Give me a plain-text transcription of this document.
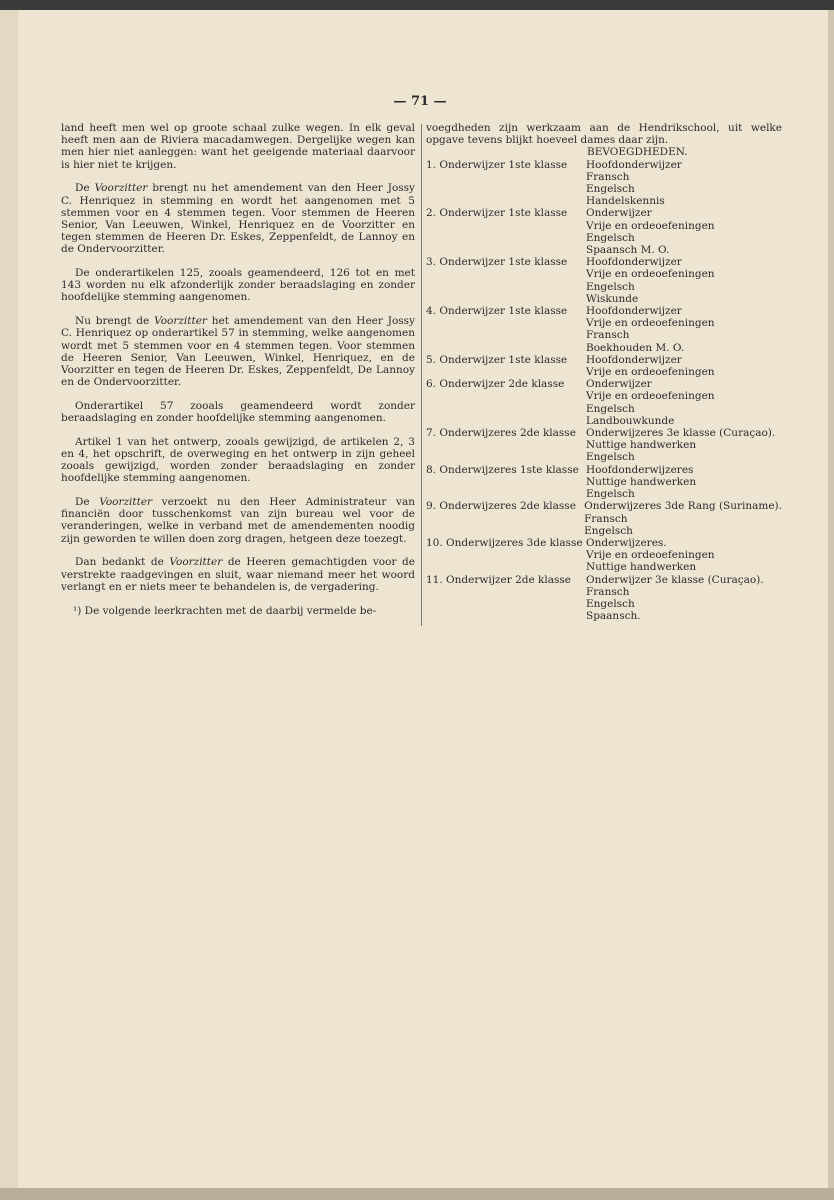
— 71 —

land heeft men wel op groote schaal zulke wegen. In elk geval heeft men aan de Riviera macadamwegen. Dergelijke wegen kan men hier niet aanleggen: want het geeigende materiaal daarvoor is hier niet te krijgen.

De Voorzitter brengt nu het amendement van den Heer Jossy C. Henriquez in stemming en wordt het aangenomen met 5 stemmen voor en 4 stemmen tegen. Voor stemmen de Heeren Senior, Van Leeuwen, Winkel, Henriquez en de Voorzitter en tegen stemmen de Heeren Dr. Eskes, Zeppenfeldt, de Lannoy en de Ondervoorzitter.

De onderartikelen 125, zooals geamendeerd, 126 tot en met 143 worden nu elk afzonderlijk zonder beraadslaging en zonder hoofdelijke stemming aangenomen.

Nu brengt de Voorzitter het amendement van den Heer Jossy C. Henriquez op onderartikel 57 in stemming, welke aangenomen wordt met 5 stemmen voor en 4 stemmen tegen. Voor stemmen de Heeren Senior, Van Leeuwen, Winkel, Henriquez, en de Voorzitter en tegen de Heeren Dr. Eskes, Zeppenfeldt, De Lannoy en de Ondervoorzitter.

Onderartikel 57 zooals geamendeerd wordt zonder beraadslaging en zonder hoofdelijke stemming aangenomen.

Artikel 1 van het ontwerp, zooals gewijzigd, de artikelen 2, 3 en 4, het opschrift, de overweging en het ontwerp in zijn geheel zooals gewijzigd, worden zonder beraadslaging en zonder hoofdelijke stemming aangenomen.

De Voorzitter verzoekt nu den Heer Administrateur van financiën door tusschenkomst van zijn bureau wel voor de veranderingen, welke in verband met de amendementen noodig zijn geworden te willen doen zorg dragen, hetgeen deze toezegt.

Dan bedankt de Voorzitter de Heeren gemachtigden voor de verstrekte raadgevingen en sluit, waar niemand meer het woord verlangt en er niets meer te behandelen is, de vergadering.

¹) De volgende leerkrachten met de daarbij vermelde be-

voegdheden zijn werkzaam aan de Hendrikschool, uit welke opgave tevens blijkt hoeveel dames daar zijn.

BEVOEGDHEDEN.
1. Onderwijzer 1ste klasse	Hoofdonderwijzer
Fransch
Engelsch
Handelskennis
2. Onderwijzer 1ste klasse	Onderwijzer
Vrije en ordeoefeningen
Engelsch
Spaansch M. O.
3. Onderwijzer 1ste klasse	Hoofdonderwijzer
Vrije en ordeoefeningen
Engelsch
Wiskunde
4. Onderwijzer 1ste klasse	Hoofdonderwijzer
Vrije en ordeoefeningen
Fransch
Boekhouden M. O.
5. Onderwijzer 1ste klasse	Hoofdonderwijzer
Vrije en ordeoefeningen
6. Onderwijzer 2de klasse	Onderwijzer
Vrije en ordeoefeningen
Engelsch
Landbouwkunde
7. Onderwijzeres 2de klasse Onderwijzeres 3e klasse (Curaçao).
Nuttige handwerken
Engelsch
8. Onderwijzeres 1ste klasse Hoofdonderwijzeres
Nuttige handwerken
Engelsch
9. Onderwijzeres 2de klasse Onderwijzeres 3de Rang (Suriname).
Fransch
Engelsch
10. Onderwijzeres 3de klasse Onderwijzeres.
Vrije en ordeoefeningen
Nuttige handwerken
11. Onderwijzer 2de klasse	Onderwijzer 3e klasse (Curaçao).
Fransch
Engelsch
Spaansch.
